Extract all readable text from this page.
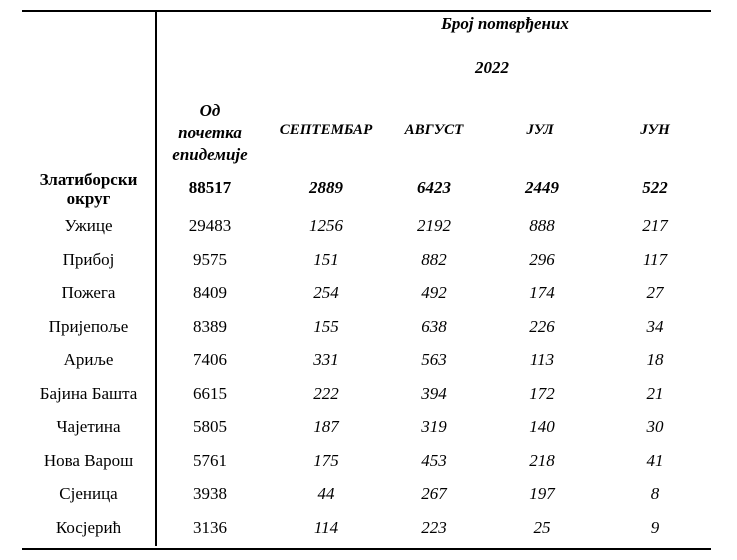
Број потврђених
2022
Од
почетка
епидемије
СЕПТЕМБАР	АВГУСТ	ЈУЛ	ЈУН
Златиборски
округ
88517	2889	6423	2449	522
Ужице	29483	1256	2192	888	217
Прибој	9575	151	882	296	117
Пожега	8409	254	492	174	27
Пријепоље	8389	155	638	226	34
Ариље	7406	331	563	113	18
Бајина Башта	6615	222	394	172	21
Чајетина	5805	187	319	140	30
Нова Варош	5761	175	453	218	41
Сјеница	3938	44	267	197	8
Косјерић	3136	114	223	25	9
